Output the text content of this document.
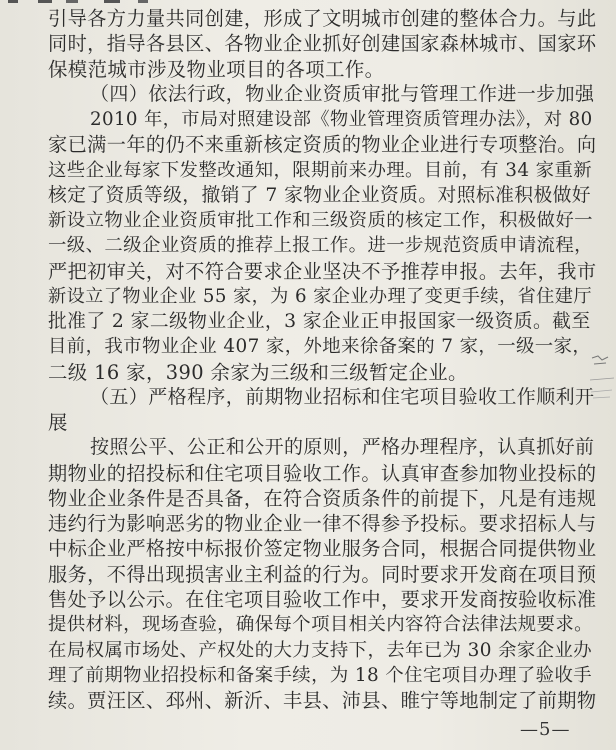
引导各方力量共同创建，形成了文明城市创建的整体合力。与此
同时，指导各县区、各物业企业抓好创建国家森林城市、国家环
保模范城市涉及物业项目的各项工作。
（四）依法行政，物业企业资质审批与管理工作进一步加强
2010 年，市局对照建设部《物业管理资质管理办法》，对 80
家已满一年的仍不来重新核定资质的物业企业进行专项整治。向
这些企业每家下发整改通知，限期前来办理。目前，有 34 家重新
核定了资质等级，撤销了 7 家物业企业资质。对照标准积极做好
新设立物业企业资质审批工作和三级资质的核定工作，积极做好一
一级、二级企业资质的推荐上报工作。进一步规范资质申请流程，
严把初审关，对不符合要求企业坚决不予推荐申报。去年，我市
新设立了物业企业 55 家，为 6 家企业办理了变更手续，省住建厅
批准了 2 家二级物业企业，3 家企业正申报国家一级资质。截至
目前，我市物业企业 407 家，外地来徐备案的 7 家，一级一家，
二级 16 家，390 余家为三级和三级暂定企业。
（五）严格程序，前期物业招标和住宅项目验收工作顺利开
展
按照公平、公正和公开的原则，严格办理程序，认真抓好前
期物业的招投标和住宅项目验收工作。认真审查参加物业投标的
物业企业条件是否具备，在符合资质条件的前提下，凡是有违规
违约行为影响恶劣的物业企业一律不得参予投标。要求招标人与
中标企业严格按中标报价签定物业服务合同，根据合同提供物业
服务，不得出现损害业主利益的行为。同时要求开发商在项目预
售处予以公示。在住宅项目验收工作中，要求开发商按验收标准
提供材料，现场查验，确保每个项目相关内容符合法律法规要求。
在局权属市场处、产权处的大力支持下，去年已为 30 余家企业办
理了前期物业招投标和备案手续，为 18 个住宅项目办理了验收手
续。贾汪区、邳州、新沂、丰县、沛县、睢宁等地制定了前期物
—5—
